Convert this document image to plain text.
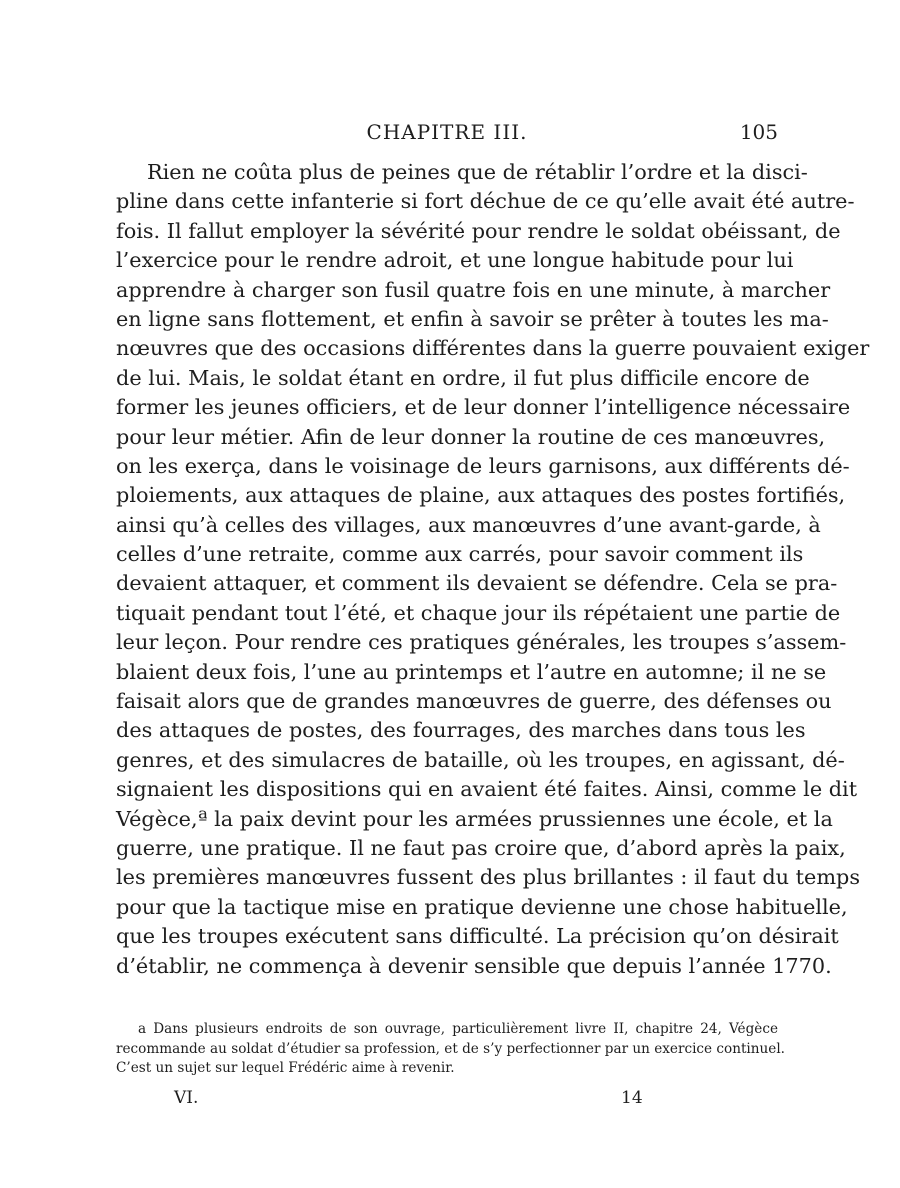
CHAPITRE III.	105
Rien ne coûta plus de peines que de rétablir l’ordre et la disci-
pline dans cette infanterie si fort déchue de ce qu’elle avait été autre-
fois. Il fallut employer la sévérité pour rendre le soldat obéissant, de
l’exercice pour le rendre adroit, et une longue habitude pour lui
apprendre à charger son fusil quatre fois en une minute, à marcher
en ligne sans flottement, et enfin à savoir se prêter à toutes les ma-
nœuvres que des occasions différentes dans la guerre pouvaient exiger
de lui. Mais, le soldat étant en ordre, il fut plus difficile encore de
former les jeunes officiers, et de leur donner l’intelligence nécessaire
pour leur métier. Afin de leur donner la routine de ces manœuvres,
on les exerça, dans le voisinage de leurs garnisons, aux différents dé-
ploiements, aux attaques de plaine, aux attaques des postes fortifiés,
ainsi qu’à celles des villages, aux manœuvres d’une avant-garde, à
celles d’une retraite, comme aux carrés, pour savoir comment ils
devaient attaquer, et comment ils devaient se défendre. Cela se pra-
tiquait pendant tout l’été, et chaque jour ils répétaient une partie de
leur leçon. Pour rendre ces pratiques générales, les troupes s’assem-
blaient deux fois, l’une au printemps et l’autre en automne; il ne se
faisait alors que de grandes manœuvres de guerre, des défenses ou
des attaques de postes, des fourrages, des marches dans tous les
genres, et des simulacres de bataille, où les troupes, en agissant, dé-
signaient les dispositions qui en avaient été faites. Ainsi, comme le dit
Végèce,ª la paix devint pour les armées prussiennes une école, et la
guerre, une pratique. Il ne faut pas croire que, d’abord après la paix,
les premières manœuvres fussent des plus brillantes : il faut du temps
pour que la tactique mise en pratique devienne une chose habituelle,
que les troupes exécutent sans difficulté. La précision qu’on désirait
d’établir, ne commença à devenir sensible que depuis l’année 1770.
a Dans plusieurs endroits de son ouvrage, particulièrement livre II, chapitre 24, Végèce
recommande au soldat d’étudier sa profession, et de s’y perfectionner par un exercice continuel.
C’est un sujet sur lequel Frédéric aime à revenir.
VI.	14
